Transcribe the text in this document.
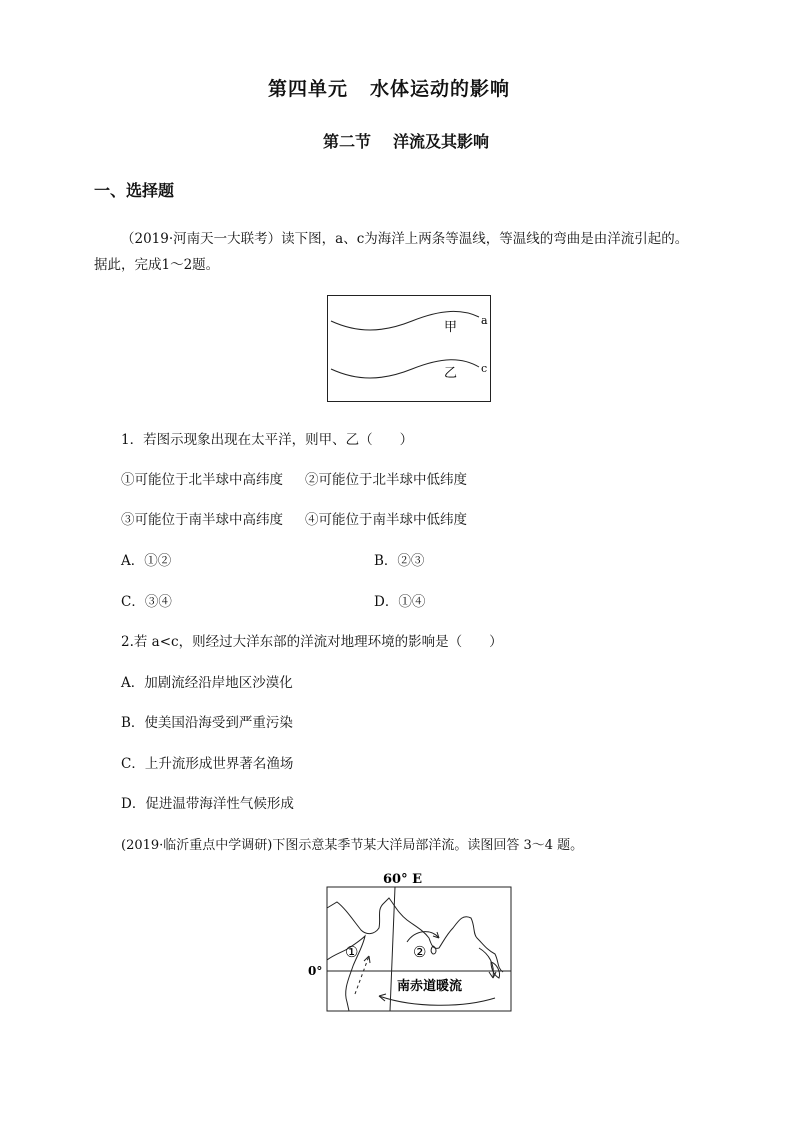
第四单元 水体运动的影响
第二节 洋流及其影响
一、选择题
（2019·河南天一大联考）读下图，a、c为海洋上两条等温线，等温线的弯曲是由洋流引起的。
据此，完成1～2题。
甲
乙
a
c
1．若图示现象出现在太平洋，则甲、乙（　　）
①可能位于北半球中高纬度 ②可能位于北半球中低纬度
③可能位于南半球中高纬度 ④可能位于南半球中低纬度
A．①②	B．②③
C．③④	D．①④
2.若 a<c，则经过大洋东部的洋流对地理环境的影响是（　　）
A．加剧流经沿岸地区沙漠化
B．使美国沿海受到严重污染
C．上升流形成世界著名渔场
D．促进温带海洋性气候形成
(2019·临沂重点中学调研)下图示意某季节某大洋局部洋流。读图回答 3～4 题。
60° E
0°
①	②
南赤道暖流
